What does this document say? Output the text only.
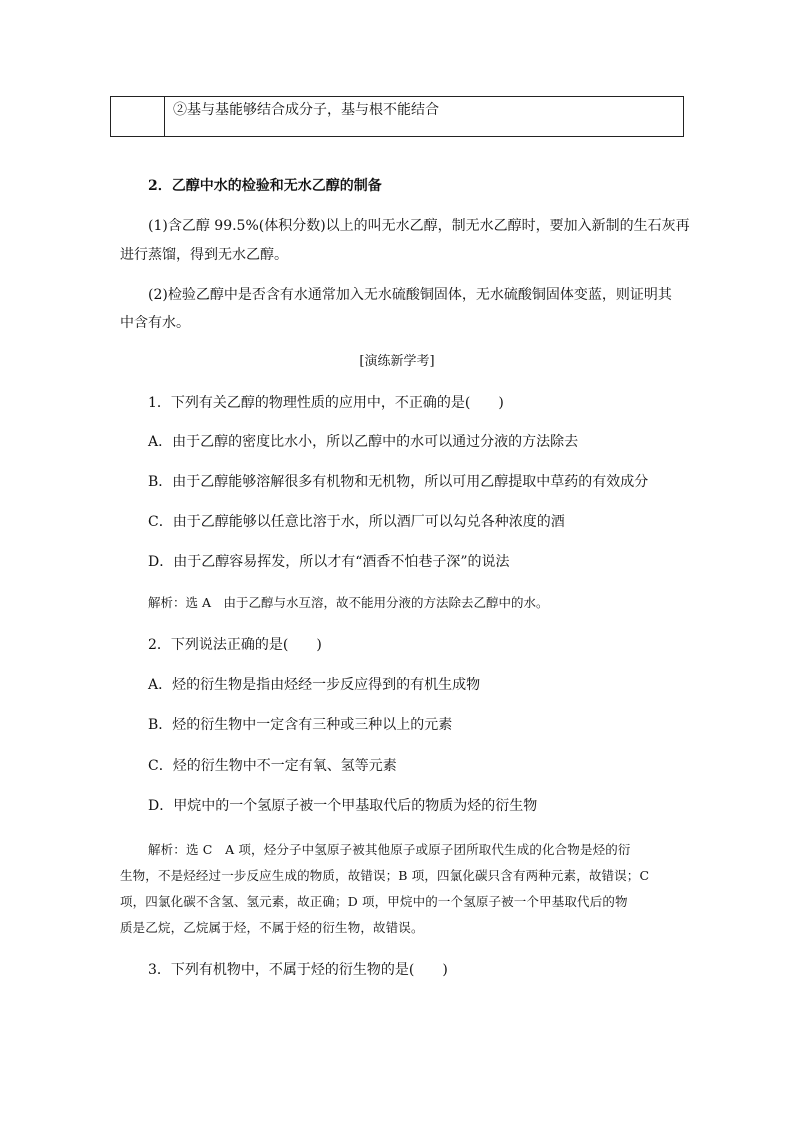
②基与基能够结合成分子，基与根不能结合
2．乙醇中水的检验和无水乙醇的制备
(1)含乙醇 99.5%(体积分数)以上的叫无水乙醇，制无水乙醇时，要加入新制的生石灰再
进行蒸馏，得到无水乙醇。
(2)检验乙醇中是否含有水通常加入无水硫酸铜固体，无水硫酸铜固体变蓝，则证明其
中含有水。
[演练新学考]
1．下列有关乙醇的物理性质的应用中，不正确的是(　　)
A．由于乙醇的密度比水小，所以乙醇中的水可以通过分液的方法除去
B．由于乙醇能够溶解很多有机物和无机物，所以可用乙醇提取中草药的有效成分
C．由于乙醇能够以任意比溶于水，所以酒厂可以勾兑各种浓度的酒
D．由于乙醇容易挥发，所以才有“酒香不怕巷子深”的说法
解析：选 A　由于乙醇与水互溶，故不能用分液的方法除去乙醇中的水。
2．下列说法正确的是(　　)
A．烃的衍生物是指由烃经一步反应得到的有机生成物
B．烃的衍生物中一定含有三种或三种以上的元素
C．烃的衍生物中不一定有氧、氢等元素
D．甲烷中的一个氢原子被一个甲基取代后的物质为烃的衍生物
解析：选 C　A 项，烃分子中氢原子被其他原子或原子团所取代生成的化合物是烃的衍
生物，不是烃经过一步反应生成的物质，故错误；B 项，四氯化碳只含有两种元素，故错误；C
项，四氯化碳不含氢、氢元素，故正确；D 项，甲烷中的一个氢原子被一个甲基取代后的物
质是乙烷，乙烷属于烃，不属于烃的衍生物，故错误。
3．下列有机物中，不属于烃的衍生物的是(　　)
